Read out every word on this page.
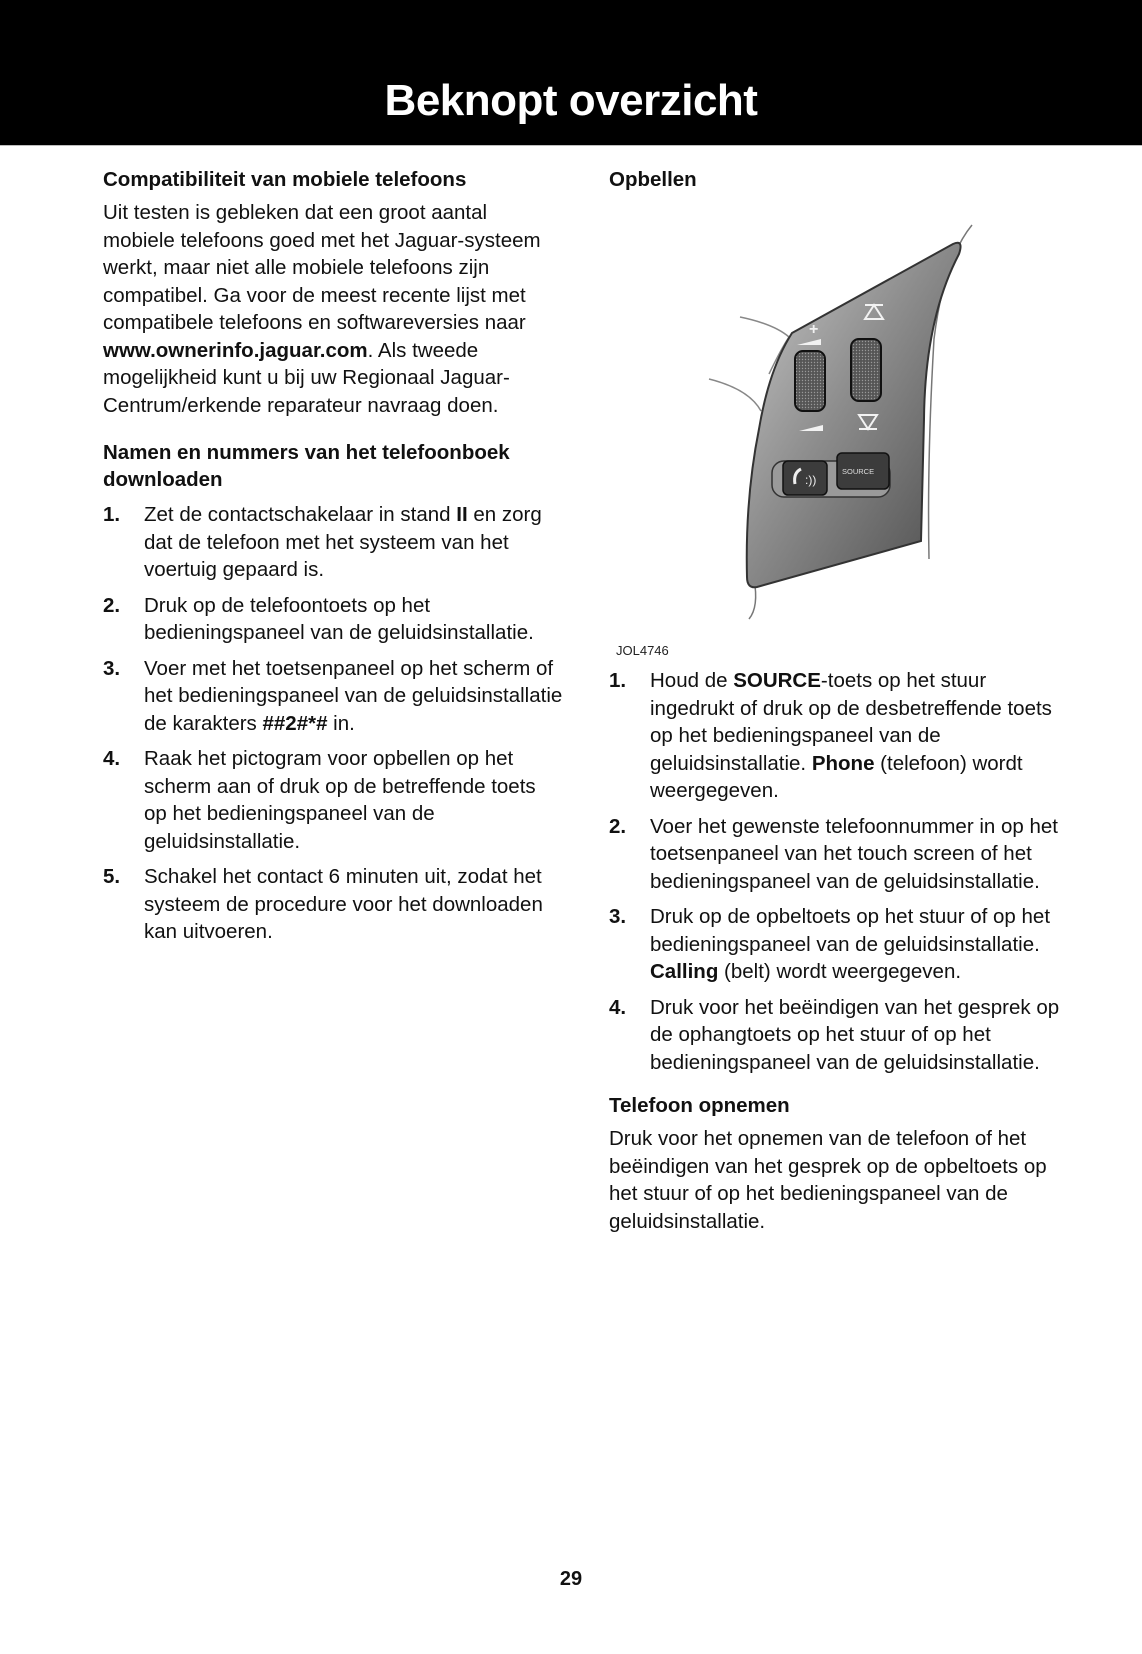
Beknopt overzicht
Compatibiliteit van mobiele telefoons

Uit testen is gebleken dat een groot aantal mobiele telefoons goed met het Jaguar-systeem werkt, maar niet alle mobiele telefoons zijn compatibel. Ga voor de meest recente lijst met compatibele telefoons en softwareversies naar www.ownerinfo.jaguar.com. Als tweede mogelijkheid kunt u bij uw Regionaal Jaguar-Centrum/erkende reparateur navraag doen.

Namen en nummers van het telefoonboek downloaden
1. Zet de contactschakelaar in stand II en zorg dat de telefoon met het systeem van het voertuig gepaard is.
2. Druk op de telefoontoets op het bedieningspaneel van de geluidsinstallatie.
3. Voer met het toetsenpaneel op het scherm of het bedieningspaneel van de geluidsinstallatie de karakters ##2#*# in.
4. Raak het pictogram voor opbellen op het scherm aan of druk op de betreffende toets op het bedieningspaneel van de geluidsinstallatie.
5. Schakel het contact 6 minuten uit, zodat het systeem de procedure voor het downloaden kan uitvoeren.
Opbellen
+
:))
SOURCE
JOL4746
1. Houd de SOURCE-toets op het stuur ingedrukt of druk op de desbetreffende toets op het bedieningspaneel van de geluidsinstallatie. Phone (telefoon) wordt weergegeven.
2. Voer het gewenste telefoonnummer in op het toetsenpaneel van het touch screen of het bedieningspaneel van de geluidsinstallatie.
3. Druk op de opbeltoets op het stuur of op het bedieningspaneel van de geluidsinstallatie. Calling (belt) wordt weergegeven.
4. Druk voor het beëindigen van het gesprek op de ophangtoets op het stuur of op het bedieningspaneel van de geluidsinstallatie.
Telefoon opnemen

Druk voor het opnemen van de telefoon of het beëindigen van het gesprek op de opbeltoets op het stuur of op het bedieningspaneel van de geluidsinstallatie.

29
